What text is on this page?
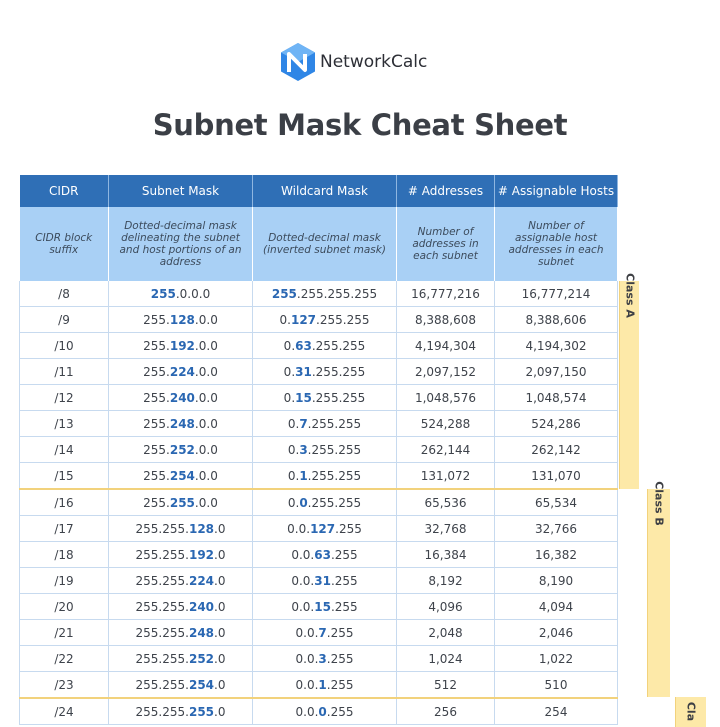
NetworkCalc
Subnet Mask Cheat Sheet
CIDR	Subnet Mask	Wildcard Mask	# Addresses	# Assignable Hosts
CIDR block suffix	Dotted-decimal mask delineating the subnet and host portions of an address	Dotted-decimal mask (inverted subnet mask)	Number of addresses in each subnet	Number of assignable host addresses in each subnet
/8	255.0.0.0	255.255.255.255	16,777,216	16,777,214
/9	255.128.0.0	0.127.255.255	8,388,608	8,388,606
/10	255.192.0.0	0.63.255.255	4,194,304	4,194,302
/11	255.224.0.0	0.31.255.255	2,097,152	2,097,150
/12	255.240.0.0	0.15.255.255	1,048,576	1,048,574
/13	255.248.0.0	0.7.255.255	524,288	524,286
/14	255.252.0.0	0.3.255.255	262,144	262,142
/15	255.254.0.0	0.1.255.255	131,072	131,070
/16	255.255.0.0	0.0.255.255	65,536	65,534
/17	255.255.128.0	0.0.127.255	32,768	32,766
/18	255.255.192.0	0.0.63.255	16,384	16,382
/19	255.255.224.0	0.0.31.255	8,192	8,190
/20	255.255.240.0	0.0.15.255	4,096	4,094
/21	255.255.248.0	0.0.7.255	2,048	2,046
/22	255.255.252.0	0.0.3.255	1,024	1,022
/23	255.255.254.0	0.0.1.255	512	510
/24	255.255.255.0	0.0.0.255	256	254
Class A
Class B
Cla
